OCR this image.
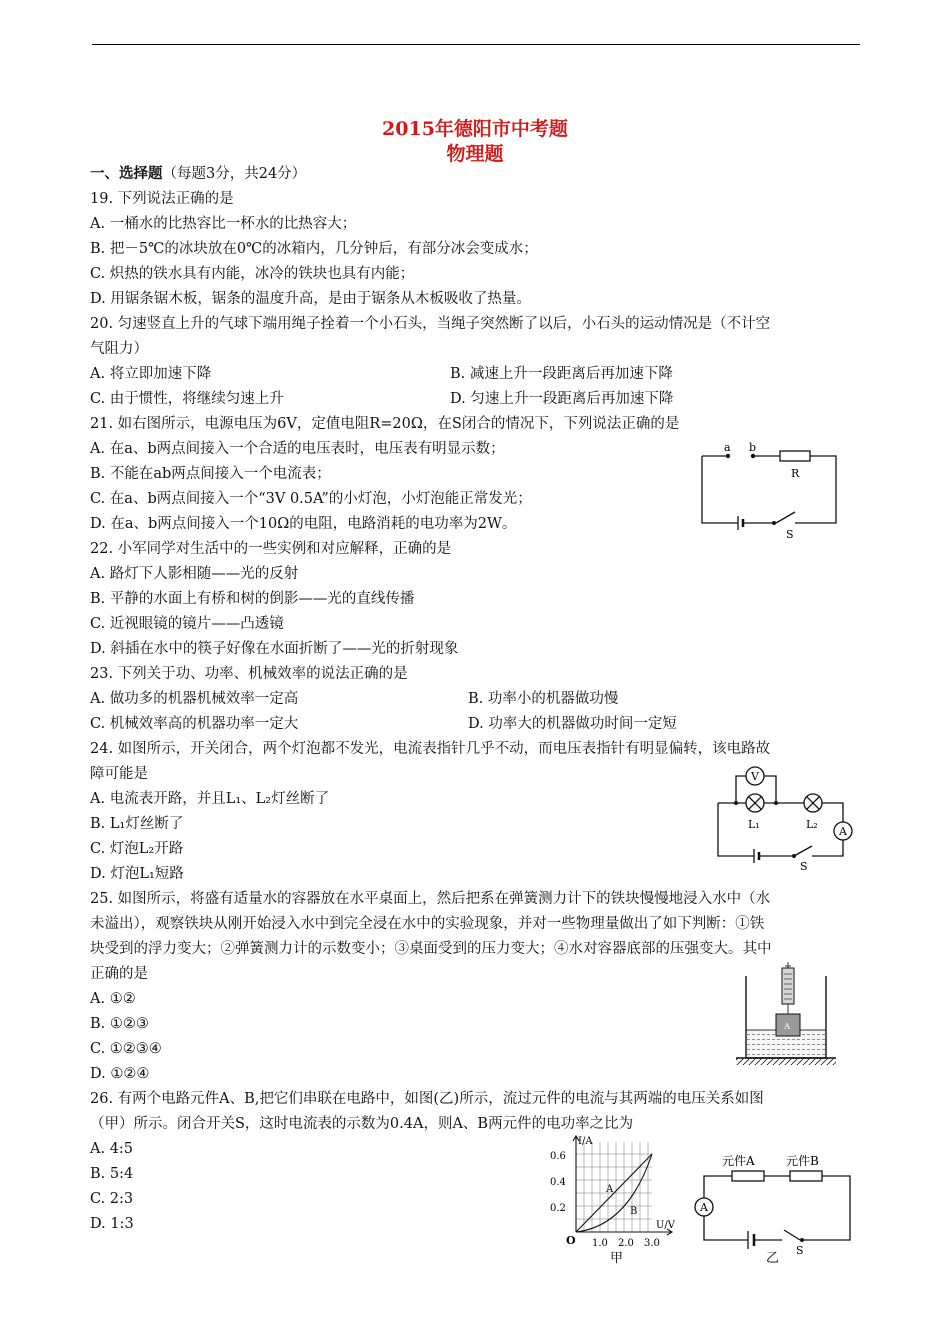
2015年德阳市中考题
物理题
一、选择题（每题3分，共24分）
19. 下列说法正确的是
A. 一桶水的比热容比一杯水的比热容大；
B. 把－5℃的冰块放在0℃的冰箱内，几分钟后，有部分冰会变成水；
C. 炽热的铁水具有内能，冰冷的铁块也具有内能；
D. 用锯条锯木板，锯条的温度升高，是由于锯条从木板吸收了热量。
20. 匀速竖直上升的气球下端用绳子拴着一个小石头，当绳子突然断了以后，小石头的运动情况是（不计空
气阻力）
A. 将立即加速下降	B. 减速上升一段距离后再加速下降
C. 由于惯性，将继续匀速上升	D. 匀速上升一段距离后再加速下降
21. 如右图所示，电源电压为6V，定值电阻R=20Ω，在S闭合的情况下，下列说法正确的是
A. 在a、b两点间接入一个合适的电压表时，电压表有明显示数；
B. 不能在ab两点间接入一个电流表；
C. 在a、b两点间接入一个“3V 0.5A”的小灯泡，小灯泡能正常发光；
D. 在a、b两点间接入一个10Ω的电阻，电路消耗的电功率为2W。
a b
R
S
22. 小军同学对生活中的一些实例和对应解释，正确的是
A. 路灯下人影相随——光的反射
B. 平静的水面上有桥和树的倒影——光的直线传播
C. 近视眼镜的镜片——凸透镜
D. 斜插在水中的筷子好像在水面折断了——光的折射现象
23. 下列关于功、功率、机械效率的说法正确的是
A. 做功多的机器机械效率一定高	B. 功率小的机器做功慢
C. 机械效率高的机器功率一定大	D. 功率大的机器做功时间一定短
24. 如图所示，开关闭合，两个灯泡都不发光，电流表指针几乎不动，而电压表指针有明显偏转，该电路故
障可能是
A. 电流表开路，并且L₁、L₂灯丝断了
B. L₁灯丝断了
C. 灯泡L₂开路
D. 灯泡L₁短路
V
A
L₁	L₂
S
25. 如图所示，将盛有适量水的容器放在水平桌面上，然后把系在弹簧测力计下的铁块慢慢地浸入水中（水
未溢出），观察铁块从刚开始浸入水中到完全浸在水中的实验现象，并对一些物理量做出了如下判断：①铁
块受到的浮力变大；②弹簧测力计的示数变小；③桌面受到的压力变大；④水对容器底部的压强变大。其中
正确的是
A. ①②
B. ①②③
C. ①②③④
D. ①②④
A
26. 有两个电路元件A、B,把它们串联在电路中，如图(乙)所示，流过元件的电流与其两端的电压关系如图
（甲）所示。闭合开关S，这时电流表的示数为0.4A，则A、B两元件的电功率之比为
A. 4:5
B. 5:4
C. 2:3
D. 1:3
0.6
0.4
0.2
I/A
U/V
O 1.0 2.0 3.0
A
B
甲
元件A	元件B
A
S
乙
